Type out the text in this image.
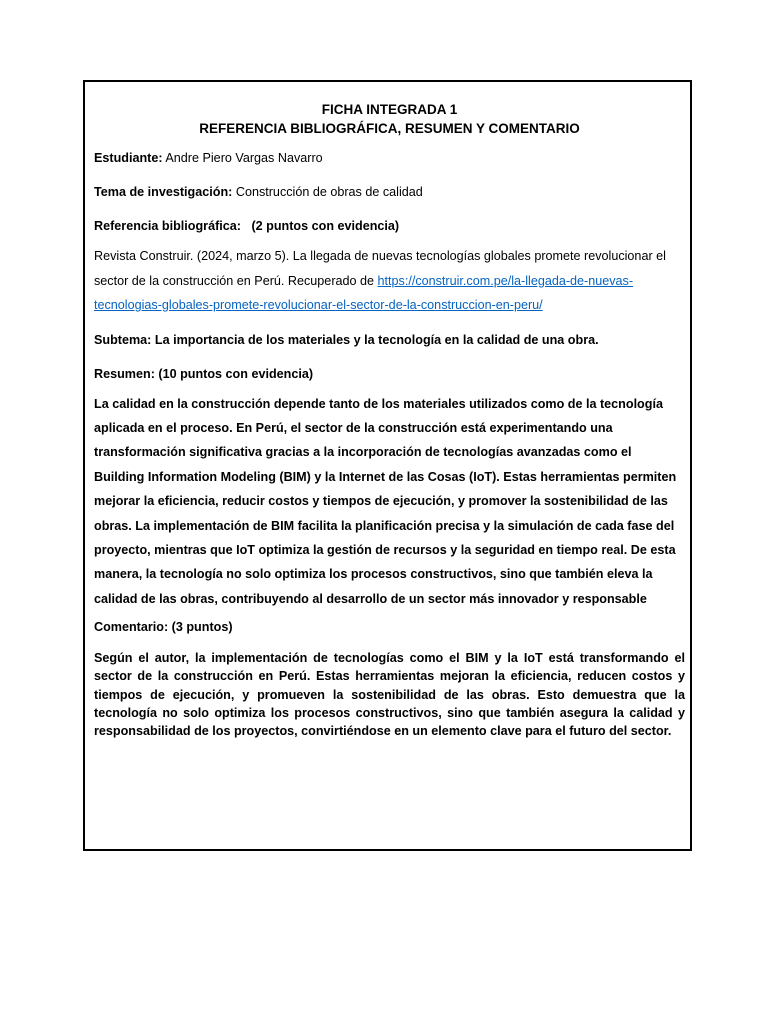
FICHA INTEGRADA 1
REFERENCIA BIBLIOGRÁFICA, RESUMEN Y COMENTARIO

Estudiante: Andre Piero Vargas Navarro

Tema de investigación: Construcción de obras de calidad

Referencia bibliográfica:   (2 puntos con evidencia)

Revista Construir. (2024, marzo 5). La llegada de nuevas tecnologías globales promete revolucionar el sector de la construcción en Perú. Recuperado de https://construir.com.pe/la-llegada-de-nuevas-tecnologias-globales-promete-revolucionar-el-sector-de-la-construccion-en-peru/

Subtema: La importancia de los materiales y la tecnología en la calidad de una obra.

Resumen: (10 puntos con evidencia)

La calidad en la construcción depende tanto de los materiales utilizados como de la tecnología aplicada en el proceso. En Perú, el sector de la construcción está experimentando una transformación significativa gracias a la incorporación de tecnologías avanzadas como el Building Information Modeling (BIM) y la Internet de las Cosas (IoT). Estas herramientas permiten mejorar la eficiencia, reducir costos y tiempos de ejecución, y promover la sostenibilidad de las obras. La implementación de BIM facilita la planificación precisa y la simulación de cada fase del proyecto, mientras que IoT optimiza la gestión de recursos y la seguridad en tiempo real. De esta manera, la tecnología no solo optimiza los procesos constructivos, sino que también eleva la calidad de las obras, contribuyendo al desarrollo de un sector más innovador y responsable

Comentario: (3 puntos)

Según el autor, la implementación de tecnologías como el BIM y la IoT está transformando el sector de la construcción en Perú. Estas herramientas mejoran la eficiencia, reducen costos y tiempos de ejecución, y promueven la sostenibilidad de las obras. Esto demuestra que la tecnología no solo optimiza los procesos constructivos, sino que también asegura la calidad y responsabilidad de los proyectos, convirtiéndose en un elemento clave para el futuro del sector.
